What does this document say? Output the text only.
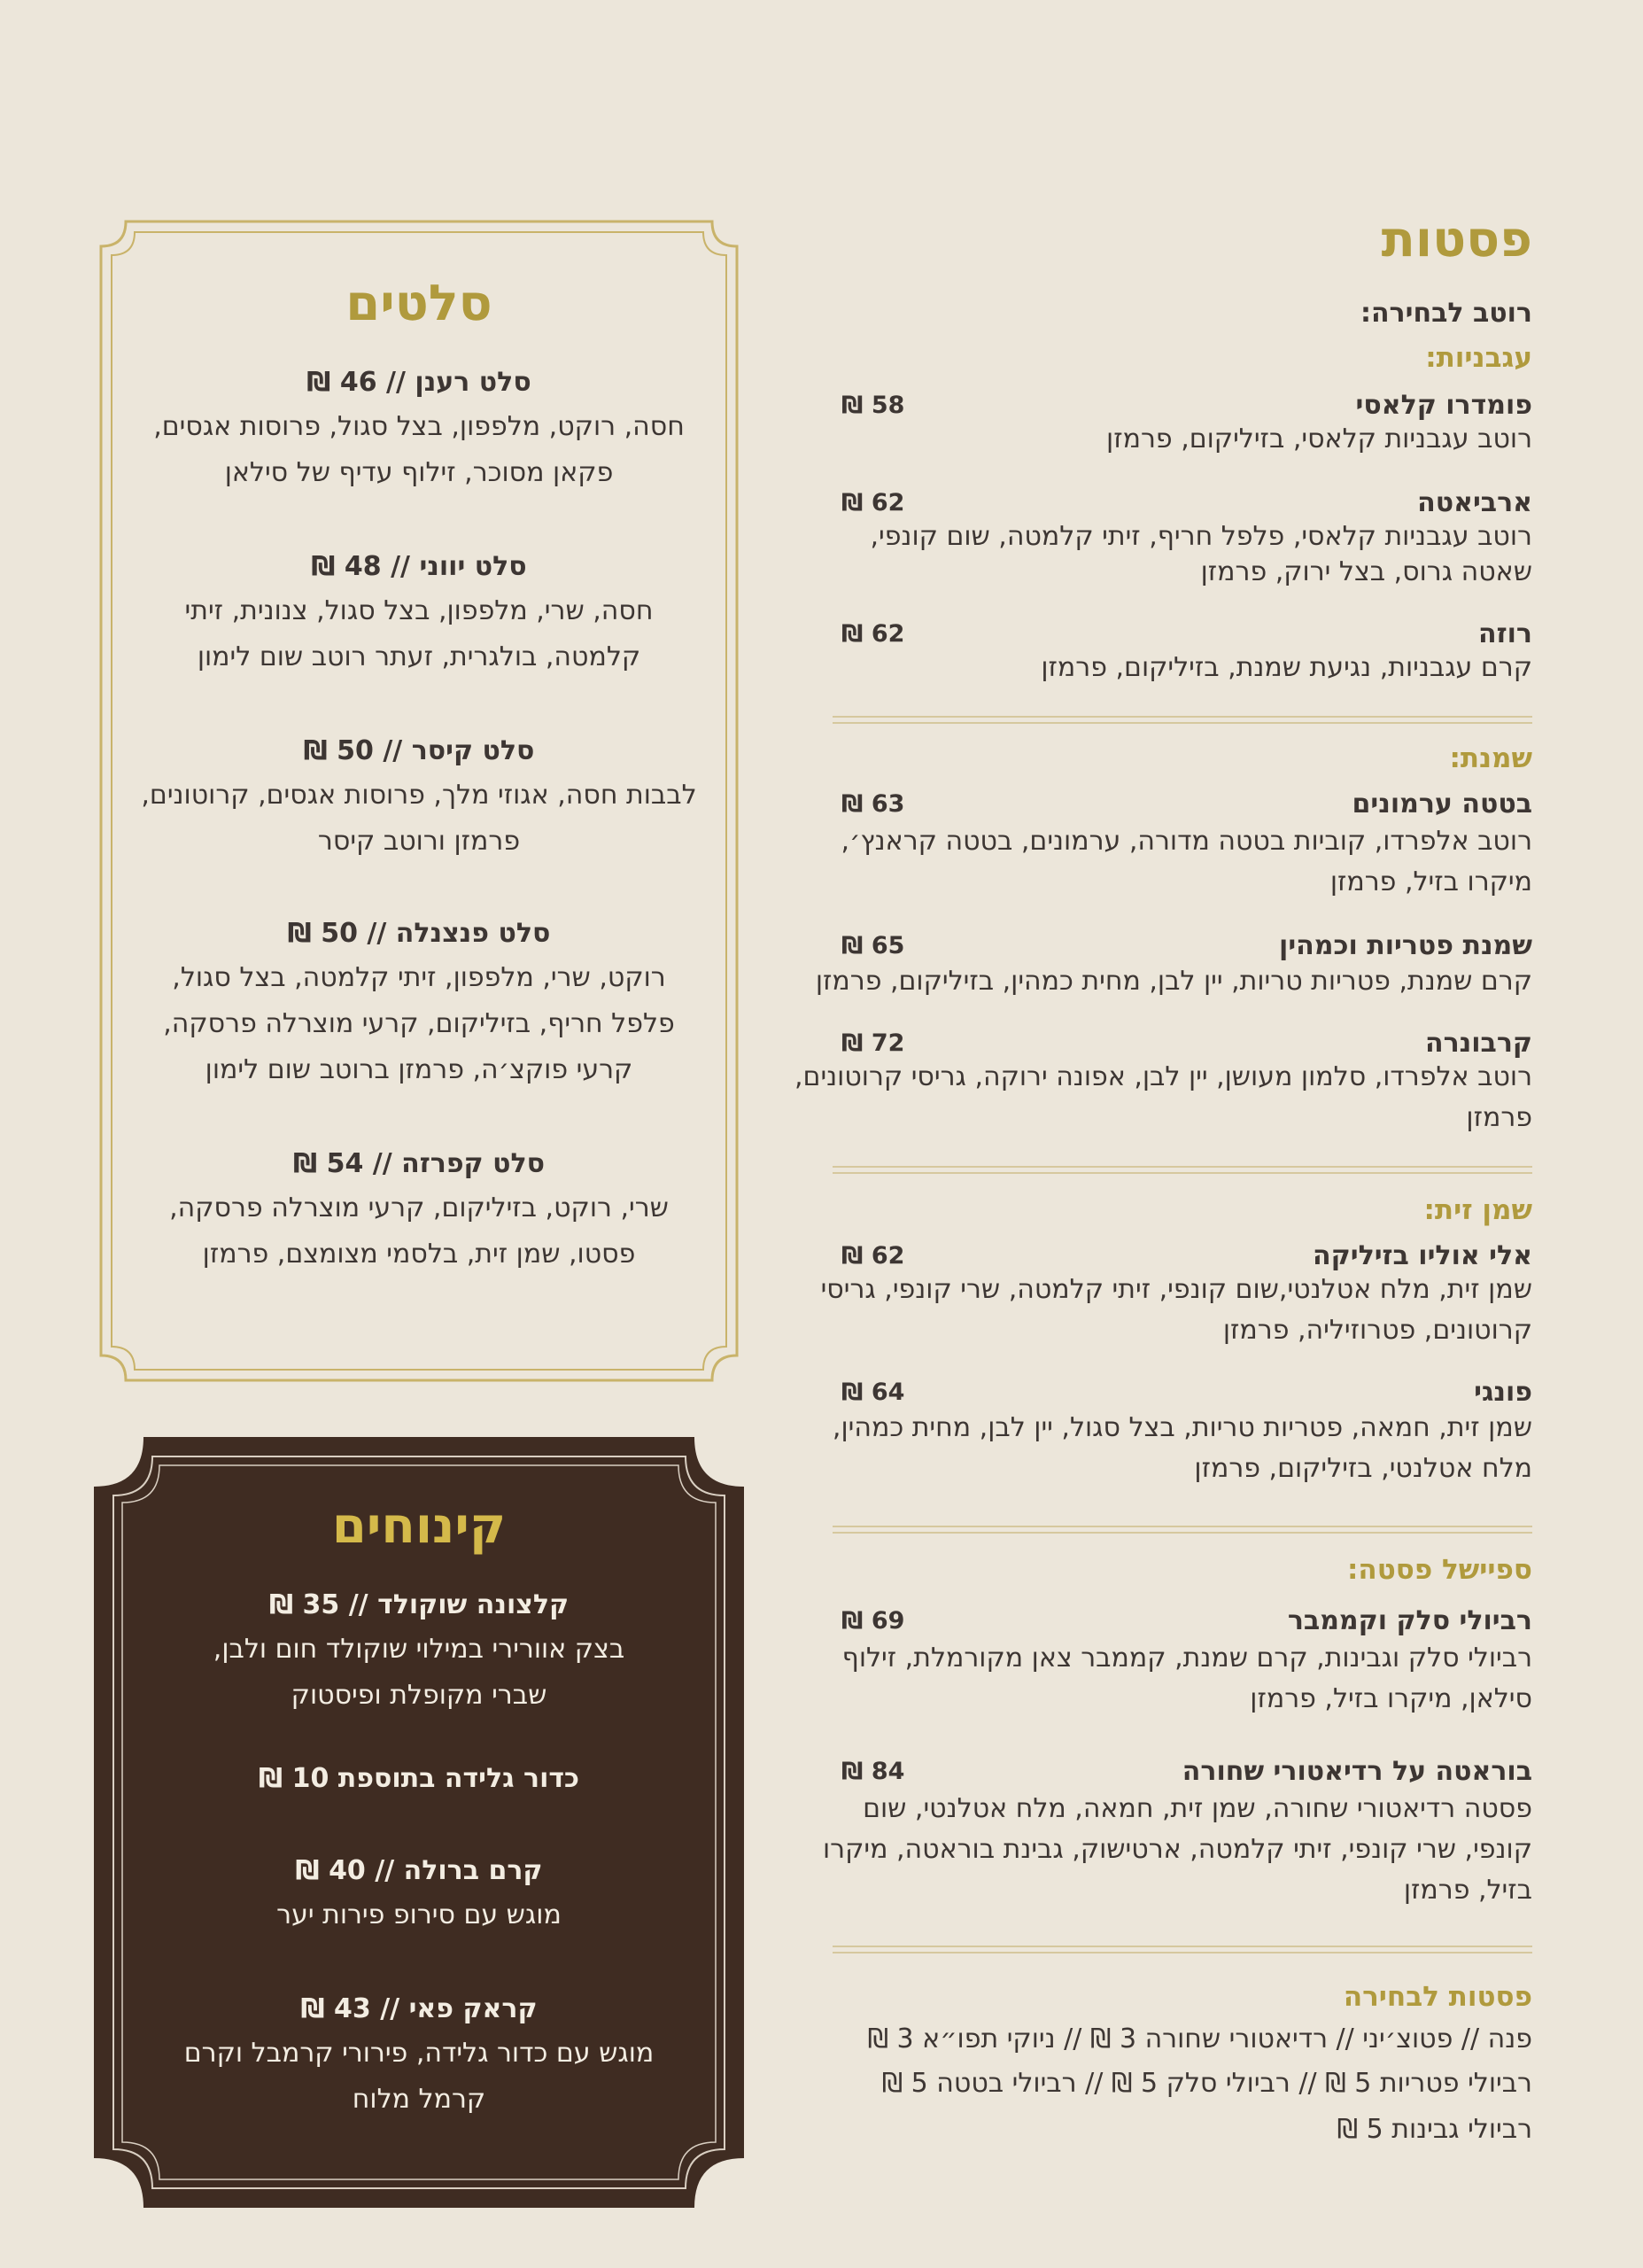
פסטות
רוטב לבחירה:
עגבניות:
פומדרו קלאסי
58 ₪
רוטב עגבניות קלאסי, בזיליקום, פרמזן
ארביאטה
62 ₪
רוטב עגבניות קלאסי, פלפל חריף, זיתי קלמטה, שום קונפי,
שאטה גרוס, בצל ירוק, פרמזן
רוזה
62 ₪
קרם עגבניות, נגיעת שמנת, בזיליקום, פרמזן
שמנת:
בטטה ערמונים
63 ₪
רוטב אלפרדו, קוביות בטטה מדורה, ערמונים, בטטה קראנץ׳,
מיקרו בזיל, פרמזן
שמנת פטריות וכמהין
65 ₪
קרם שמנת, פטריות טריות, יין לבן, מחית כמהין, בזיליקום, פרמזן
קרבונרה
72 ₪
רוטב אלפרדו, סלמון מעושן, יין לבן, אפונה ירוקה, גריסי קרוטונים,
פרמזן
שמן זית:
אלי אוליו בזיליקה
62 ₪
שמן זית, מלח אטלנטי,שום קונפי, זיתי קלמטה, שרי קונפי, גריסי
קרוטונים, פטרוזיליה, פרמזן
פונגי
64 ₪
שמן זית, חמאה, פטריות טריות, בצל סגול, יין לבן, מחית כמהין,
מלח אטלנטי, בזיליקום, פרמזן
ספיישל פסטה:
רביולי סלק וקממבר
69 ₪
רביולי סלק וגבינות, קרם שמנת, קממבר צאן מקורמלת, זילוף
סילאן, מיקרו בזיל, פרמזן
בוראטה על רדיאטורי שחורה
84 ₪
פסטה רדיאטורי שחורה, שמן זית, חמאה, מלח אטלנטי, שום
קונפי, שרי קונפי, זיתי קלמטה, ארטישוק, גבינת בוראטה, מיקרו
בזיל, פרמזן
פסטות לבחירה
פנה // פטוצ׳יני // רדיאטורי שחורה 3 ₪ // ניוקי תפו״א 3 ₪
רביולי פטריות 5 ₪ // רביולי סלק 5 ₪ // רביולי בטטה 5 ₪
רביולי גבינות 5 ₪
סלטים
סלט רענן // 46 ₪
חסה, רוקט, מלפפון, בצל סגול, פרוסות אגסים,
פקאן מסוכר, זילוף עדיף של סילאן
סלט יווני // 48 ₪
חסה, שרי, מלפפון, בצל סגול, צנונית, זיתי
קלמטה, בולגרית, זעתר רוטב שום לימון
סלט קיסר // 50 ₪
לבבות חסה, אגוזי מלך, פרוסות אגסים, קרוטונים,
פרמזן ורוטב קיסר
סלט פנצנלה // 50 ₪
רוקט, שרי, מלפפון, זיתי קלמטה, בצל סגול,
פלפל חריף, בזיליקום, קרעי מוצרלה פרסקה,
קרעי פוקצ׳ה, פרמזן ברוטב שום לימון
סלט קפרזה // 54 ₪
שרי, רוקט, בזיליקום, קרעי מוצרלה פרסקה,
פסטו, שמן זית, בלסמי מצומצם, פרמזן
קינוחים
קלצונה שוקולד // 35 ₪
בצק אוורירי במילוי שוקולד חום ולבן,
שברי מקופלת ופיסטוק
כדור גלידה בתוספת 10 ₪
קרם ברולה // 40 ₪
מוגש עם סירופ פירות יער
קראק פאי // 43 ₪
מוגש עם כדור גלידה, פירורי קרמבל וקרם
קרמל מלוח
